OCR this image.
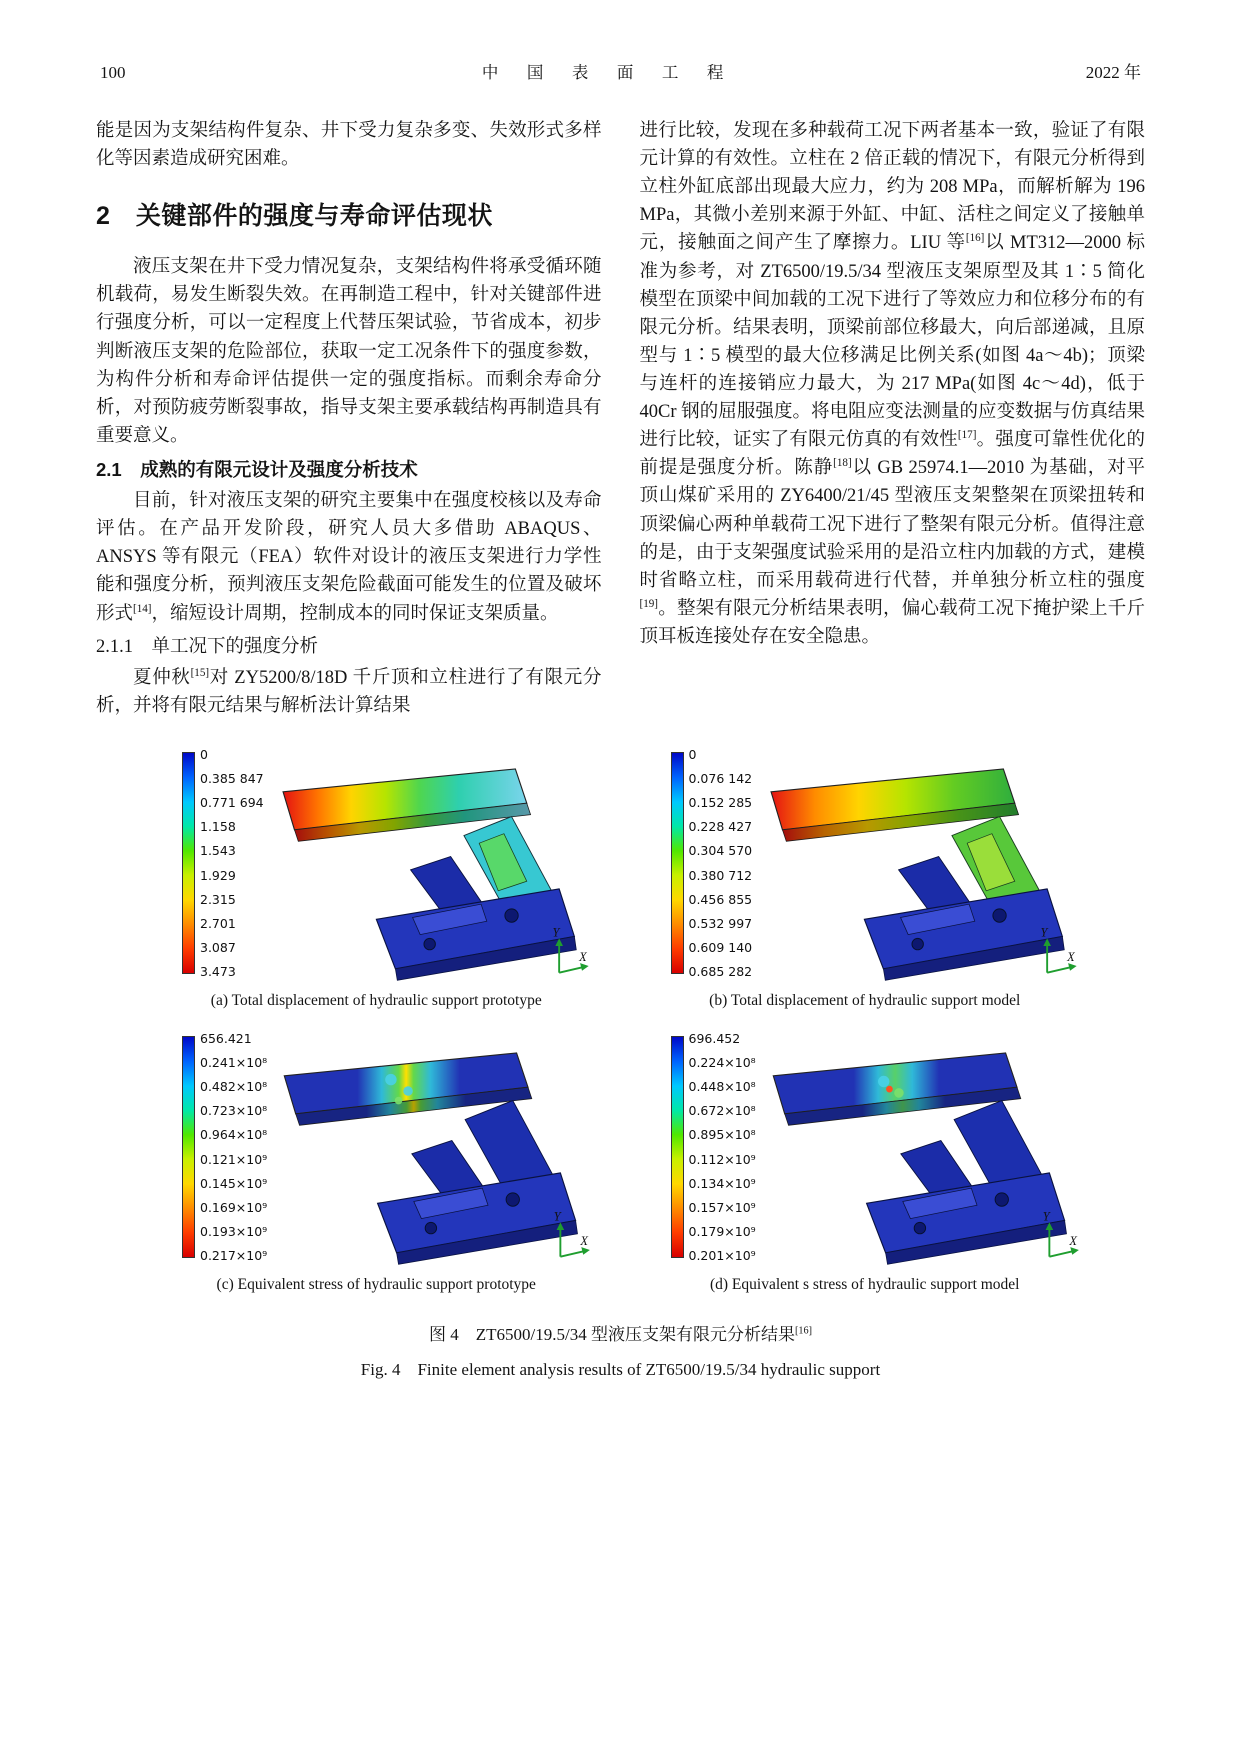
100	中　国　表　面　工　程	2022 年

能是因为支架结构件复杂、井下受力复杂多变、失效形式多样化等因素造成研究困难。

2　关键部件的强度与寿命评估现状

液压支架在井下受力情况复杂，支架结构件将承受循环随机载荷，易发生断裂失效。在再制造工程中，针对关键部件进行强度分析，可以一定程度上代替压架试验，节省成本，初步判断液压支架的危险部位，获取一定工况条件下的强度参数，为构件分析和寿命评估提供一定的强度指标。而剩余寿命分析，对预防疲劳断裂事故，指导支架主要承载结构再制造具有重要意义。

2.1　成熟的有限元设计及强度分析技术

目前，针对液压支架的研究主要集中在强度校核以及寿命评估。在产品开发阶段，研究人员大多借助 ABAQUS、ANSYS 等有限元（FEA）软件对设计的液压支架进行力学性能和强度分析，预判液压支架危险截面可能发生的位置及破坏形式[14]，缩短设计周期，控制成本的同时保证支架质量。

2.1.1　单工况下的强度分析

夏仲秋[15]对 ZY5200/8/18D 千斤顶和立柱进行了有限元分析，并将有限元结果与解析法计算结果

进行比较，发现在多种载荷工况下两者基本一致，验证了有限元计算的有效性。立柱在 2 倍正载的情况下，有限元分析得到立柱外缸底部出现最大应力，约为 208 MPa，而解析解为 196 MPa，其微小差别来源于外缸、中缸、活柱之间定义了接触单元，接触面之间产生了摩擦力。LIU 等[16]以 MT312—2000 标准为参考，对 ZT6500/19.5/34 型液压支架原型及其 1∶5 简化模型在顶梁中间加载的工况下进行了等效应力和位移分布的有限元分析。结果表明，顶梁前部位移最大，向后部递减，且原型与 1∶5 模型的最大位移满足比例关系(如图 4a～4b)；顶梁与连杆的连接销应力最大，为 217 MPa(如图 4c～4d)，低于 40Cr 钢的屈服强度。将电阻应变法测量的应变数据与仿真结果进行比较，证实了有限元仿真的有效性[17]。强度可靠性优化的前提是强度分析。陈静[18]以 GB 25974.1—2010 为基础，对平顶山煤矿采用的 ZY6400/21/45 型液压支架整架在顶梁扭转和顶梁偏心两种单载荷工况下进行了整架有限元分析。值得注意的是，由于支架强度试验采用的是沿立柱内加载的方式，建模时省略立柱，而采用载荷进行代替，并单独分析立柱的强度[19]。整架有限元分析结果表明，偏心载荷工况下掩护梁上千斤顶耳板连接处存在安全隐患。

0
0.385 847
0.771 694
1.158
1.543
1.929
2.315
2.701
3.087
3.473
Y
X
(a) Total displacement of hydraulic support prototype
0
0.076 142
0.152 285
0.228 427
0.304 570
0.380 712
0.456 855
0.532 997
0.609 140
0.685 282
Y
X
(b) Total displacement of hydraulic support model
656.421
0.241×10⁸
0.482×10⁸
0.723×10⁸
0.964×10⁸
0.121×10⁹
0.145×10⁹
0.169×10⁹
0.193×10⁹
0.217×10⁹
Y
X
(c) Equivalent stress of hydraulic support prototype
696.452
0.224×10⁸
0.448×10⁸
0.672×10⁸
0.895×10⁸
0.112×10⁹
0.134×10⁹
0.157×10⁹
0.179×10⁹
0.201×10⁹
Y
X
(d) Equivalent s stress of hydraulic support model
图 4　ZT6500/19.5/34 型液压支架有限元分析结果[16]
Fig. 4　Finite element analysis results of ZT6500/19.5/34 hydraulic support
